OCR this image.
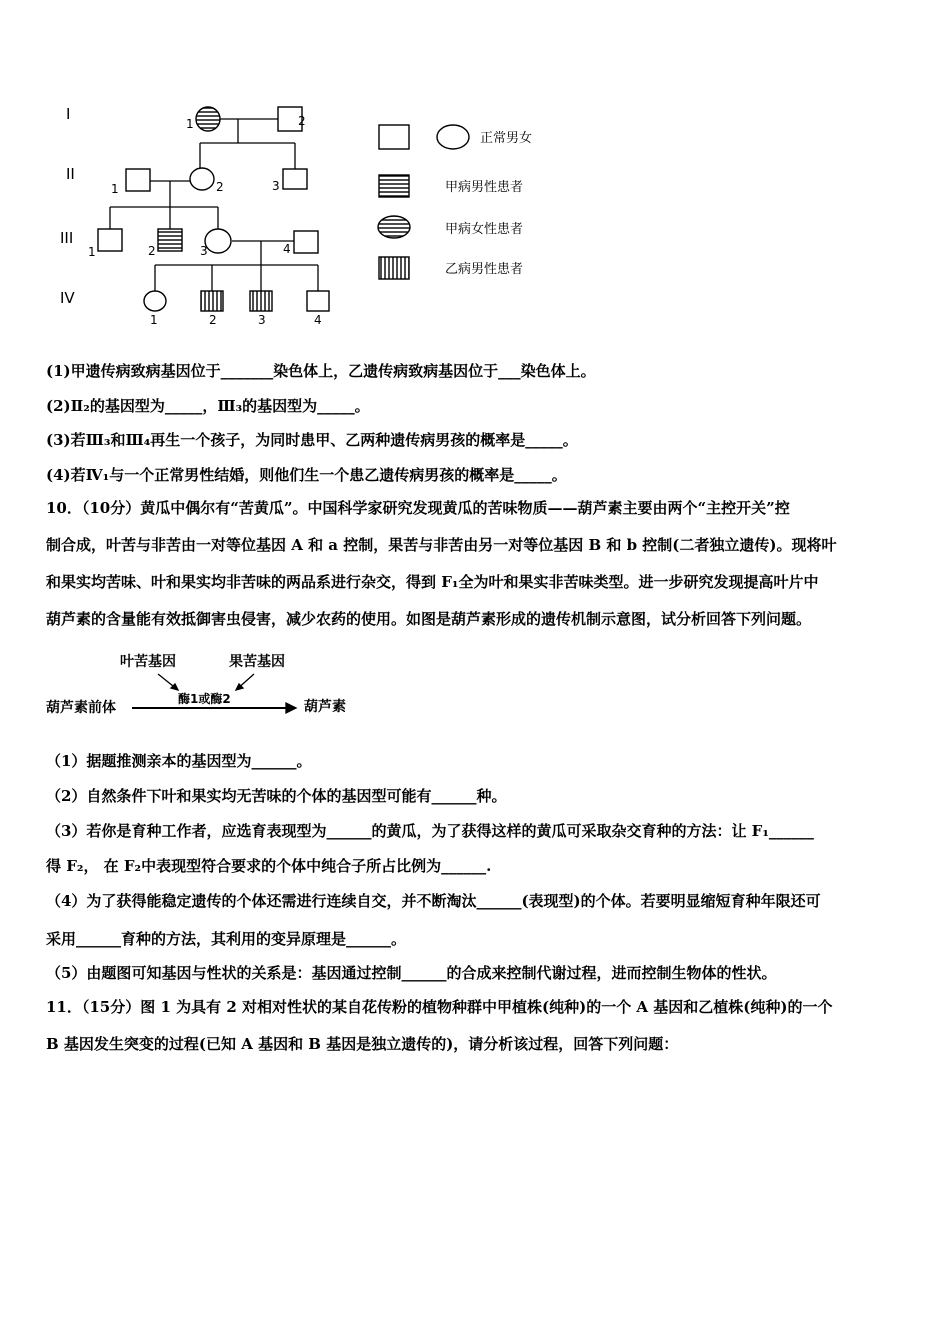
I
II
III
IV
1	2
1	2	3
1	2	3	4
1	2	3	4
正常男女
甲病男性患者
甲病女性患者
乙病男性患者
(1)甲遗传病致病基因位于_______染色体上，乙遗传病致病基因位于___染色体上。
(2)Ⅱ₂的基因型为_____，Ⅲ₃的基因型为_____。
(3)若Ⅲ₃和Ⅲ₄再生一个孩子，为同时患甲、乙两种遗传病男孩的概率是_____。
(4)若Ⅳ₁与一个正常男性结婚，则他们生一个患乙遗传病男孩的概率是_____。
10．（10分）黄瓜中偶尔有“苦黄瓜”。中国科学家研究发现黄瓜的苦味物质——葫芦素主要由两个“主控开关”控
制合成，叶苦与非苦由一对等位基因 A 和 a 控制，果苦与非苦由另一对等位基因 B 和 b 控制(二者独立遗传)。现将叶
和果实均苦味、叶和果实均非苦味的两品系进行杂交，得到 F₁全为叶和果实非苦味类型。进一步研究发现提高叶片中
葫芦素的含量能有效抵御害虫侵害，减少农药的使用。如图是葫芦素形成的遗传机制示意图，试分析回答下列问题。
叶苦基因	果苦基因
酶1或酶2
葫芦素前体	葫芦素
（1）据题推测亲本的基因型为______。
（2）自然条件下叶和果实均无苦味的个体的基因型可能有______种。
（3）若你是育种工作者，应选育表现型为______的黄瓜，为了获得这样的黄瓜可采取杂交育种的方法：让 F₁______
得 F₂， 在 F₂中表现型符合要求的个体中纯合子所占比例为______.
（4）为了获得能稳定遗传的个体还需进行连续自交，并不断淘汰______(表现型)的个体。若要明显缩短育种年限还可
采用______育种的方法，其利用的变异原理是______。
（5）由题图可知基因与性状的关系是：基因通过控制______的合成来控制代谢过程，进而控制生物体的性状。
11．（15分）图 1 为具有 2 对相对性状的某自花传粉的植物种群中甲植株(纯种)的一个 A 基因和乙植株(纯种)的一个
B 基因发生突变的过程(已知 A 基因和 B 基因是独立遗传的)，请分析该过程，回答下列问题：
